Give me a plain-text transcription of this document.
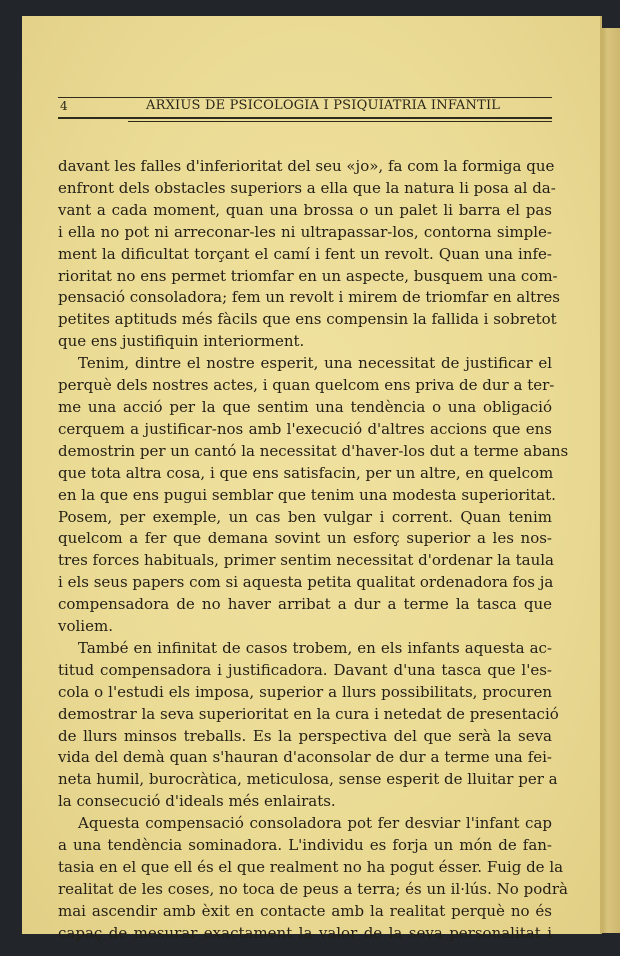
4	ARXIUS DE PSICOLOGIA I PSIQUIATRIA INFANTIL
davant les falles d'inferioritat del seu «jo», fa com la formiga que
enfront dels obstacles superiors a ella que la natura li posa al da-
vant a cada moment, quan una brossa o un palet li barra el pas
i ella no pot ni arreconar-les ni ultrapassar-los, contorna simple-
ment la dificultat torçant el camí i fent un revolt. Quan una infe-
rioritat no ens permet triomfar en un aspecte, busquem una com-
pensació consoladora; fem un revolt i mirem de triomfar en altres
petites aptituds més fàcils que ens compensin la fallida i sobretot
que ens justifiquin interiorment.
Tenim, dintre el nostre esperit, una necessitat de justificar el
perquè dels nostres actes, i quan quelcom ens priva de dur a ter-
me una acció per la que sentim una tendència o una obligació
cerquem a justificar-nos amb l'execució d'altres accions que ens
demostrin per un cantó la necessitat d'haver-los dut a terme abans
que tota altra cosa, i que ens satisfacin, per un altre, en quelcom
en la que ens pugui semblar que tenim una modesta superioritat.
Posem, per exemple, un cas ben vulgar i corrent. Quan tenim
quelcom a fer que demana sovint un esforç superior a les nos-
tres forces habituals, primer sentim necessitat d'ordenar la taula
i els seus papers com si aquesta petita qualitat ordenadora fos ja
compensadora de no haver arribat a dur a terme la tasca que
voliem.
També en infinitat de casos trobem, en els infants aquesta ac-
titud compensadora i justificadora. Davant d'una tasca que l'es-
cola o l'estudi els imposa, superior a llurs possibilitats, procuren
demostrar la seva superioritat en la cura i netedat de presentació
de llurs minsos treballs. Es la perspectiva del que serà la seva
vida del demà quan s'hauran d'aconsolar de dur a terme una fei-
neta humil, burocràtica, meticulosa, sense esperit de lluitar per a
la consecució d'ideals més enlairats.
Aquesta compensació consoladora pot fer desviar l'infant cap
a una tendència sominadora. L'individu es forja un món de fan-
tasia en el que ell és el que realment no ha pogut ésser. Fuig de la
realitat de les coses, no toca de peus a terra; és un il·lús. No podrà
mai ascendir amb èxit en contacte amb la realitat perquè no és
capaç de mesurar exactament la valor de la seva personalitat i
